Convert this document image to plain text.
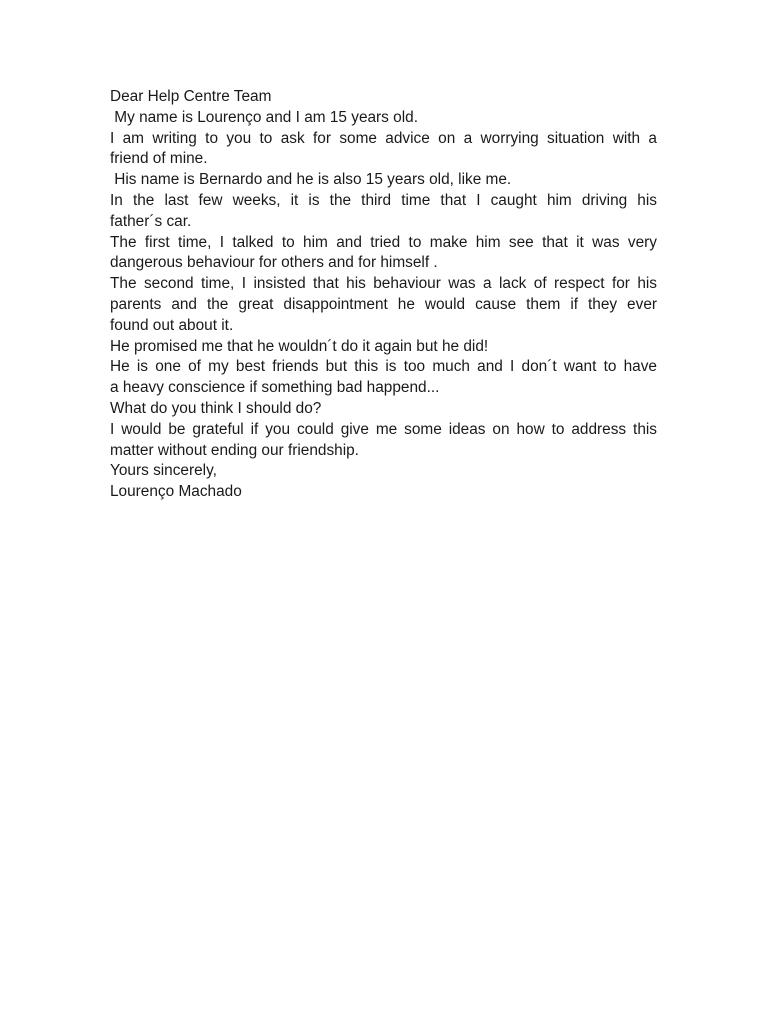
Dear Help Centre Team
My name is Lourenço and I am 15 years old.
I am writing to you to ask for some advice on a worrying situation with a
friend of mine.
His name is Bernardo and he is also 15 years old, like me.
In the last few weeks, it is the third time that I caught him driving his
father´s car.
The first time, I talked to him and tried to make him see that it was very
dangerous behaviour for others and for himself .
The second time, I insisted that his behaviour was a lack of respect for his
parents and the great disappointment he would cause them if they ever
found out about it.
He promised me that he wouldn´t do it again but he did!
He is one of my best friends but this is too much and I don´t want to have
a heavy conscience if something bad happend...
What do you think I should do?
I would be grateful if you could give me some ideas on how to address this
matter without ending our friendship.
Yours sincerely,
Lourenço Machado
